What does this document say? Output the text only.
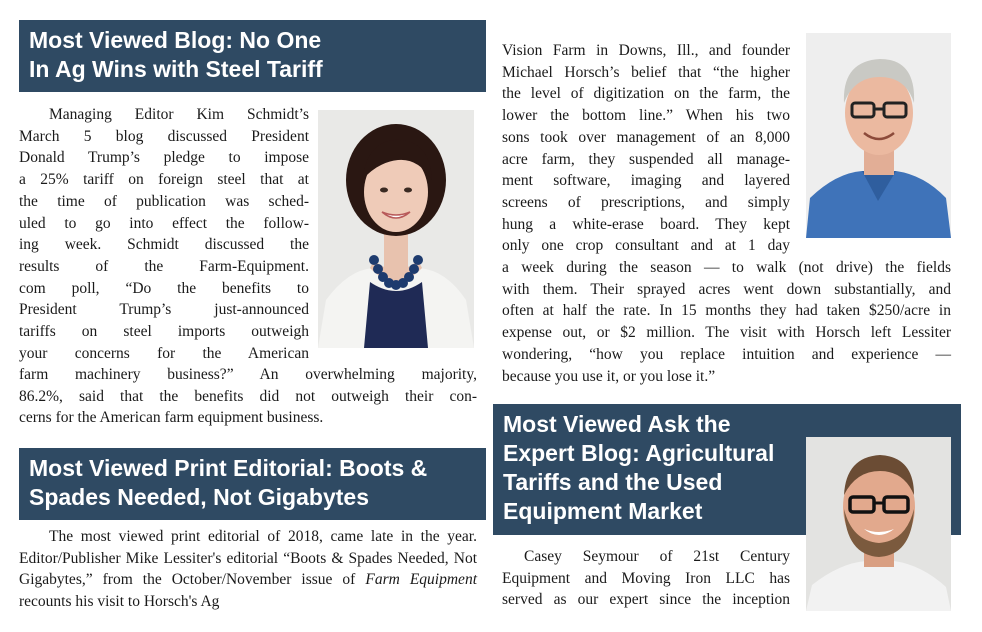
Most Viewed Blog: No One
In Ag Wins with Steel Tariff
Managing Editor Kim Schmidt’s
March 5 blog discussed President
Donald Trump’s pledge to impose
a 25% tariff on foreign steel that at
the time of publication was sched-
uled to go into effect the follow-
ing week. Schmidt discussed the
results of the Farm-Equipment.
com poll, “Do the benefits to
President Trump’s just-announced
tariffs on steel imports outweigh
your concerns for the American
farm machinery business?” An overwhelming majority,
86.2%, said that the benefits did not outweigh their con-
cerns for the American farm equipment business.
Most Viewed Print Editorial: Boots &
Spades Needed, Not Gigabytes
The most viewed print editorial of 2018, came late in the year. Editor/Publisher Mike Lessiter's editorial “Boots & Spades Needed, Not Gigabytes,” from the October/November issue of Farm Equipment recounts his visit to Horsch's Ag
Vision Farm in Downs, Ill., and founder
Michael Horsch’s belief that “the higher
the level of digitization on the farm, the
lower the bottom line.” When his two
sons took over management of an 8,000
acre farm, they suspended all manage-
ment software, imaging and layered
screens of prescriptions, and simply
hung a white-erase board. They kept
only one crop consultant and at 1 day
a week during the season — to walk (not drive) the fields
with them. Their sprayed acres went down substantially, and
often at half the rate. In 15 months they had taken $250/acre in
expense out, or $2 million. The visit with Horsch left Lessiter
wondering, “how you replace intuition and experience —
because you use it, or you lose it.”
Most Viewed Ask the
Expert Blog: Agricultural
Tariffs and the Used
Equipment Market
Casey Seymour of 21st Century
Equipment and Moving Iron LLC has
served as our expert since the inception
